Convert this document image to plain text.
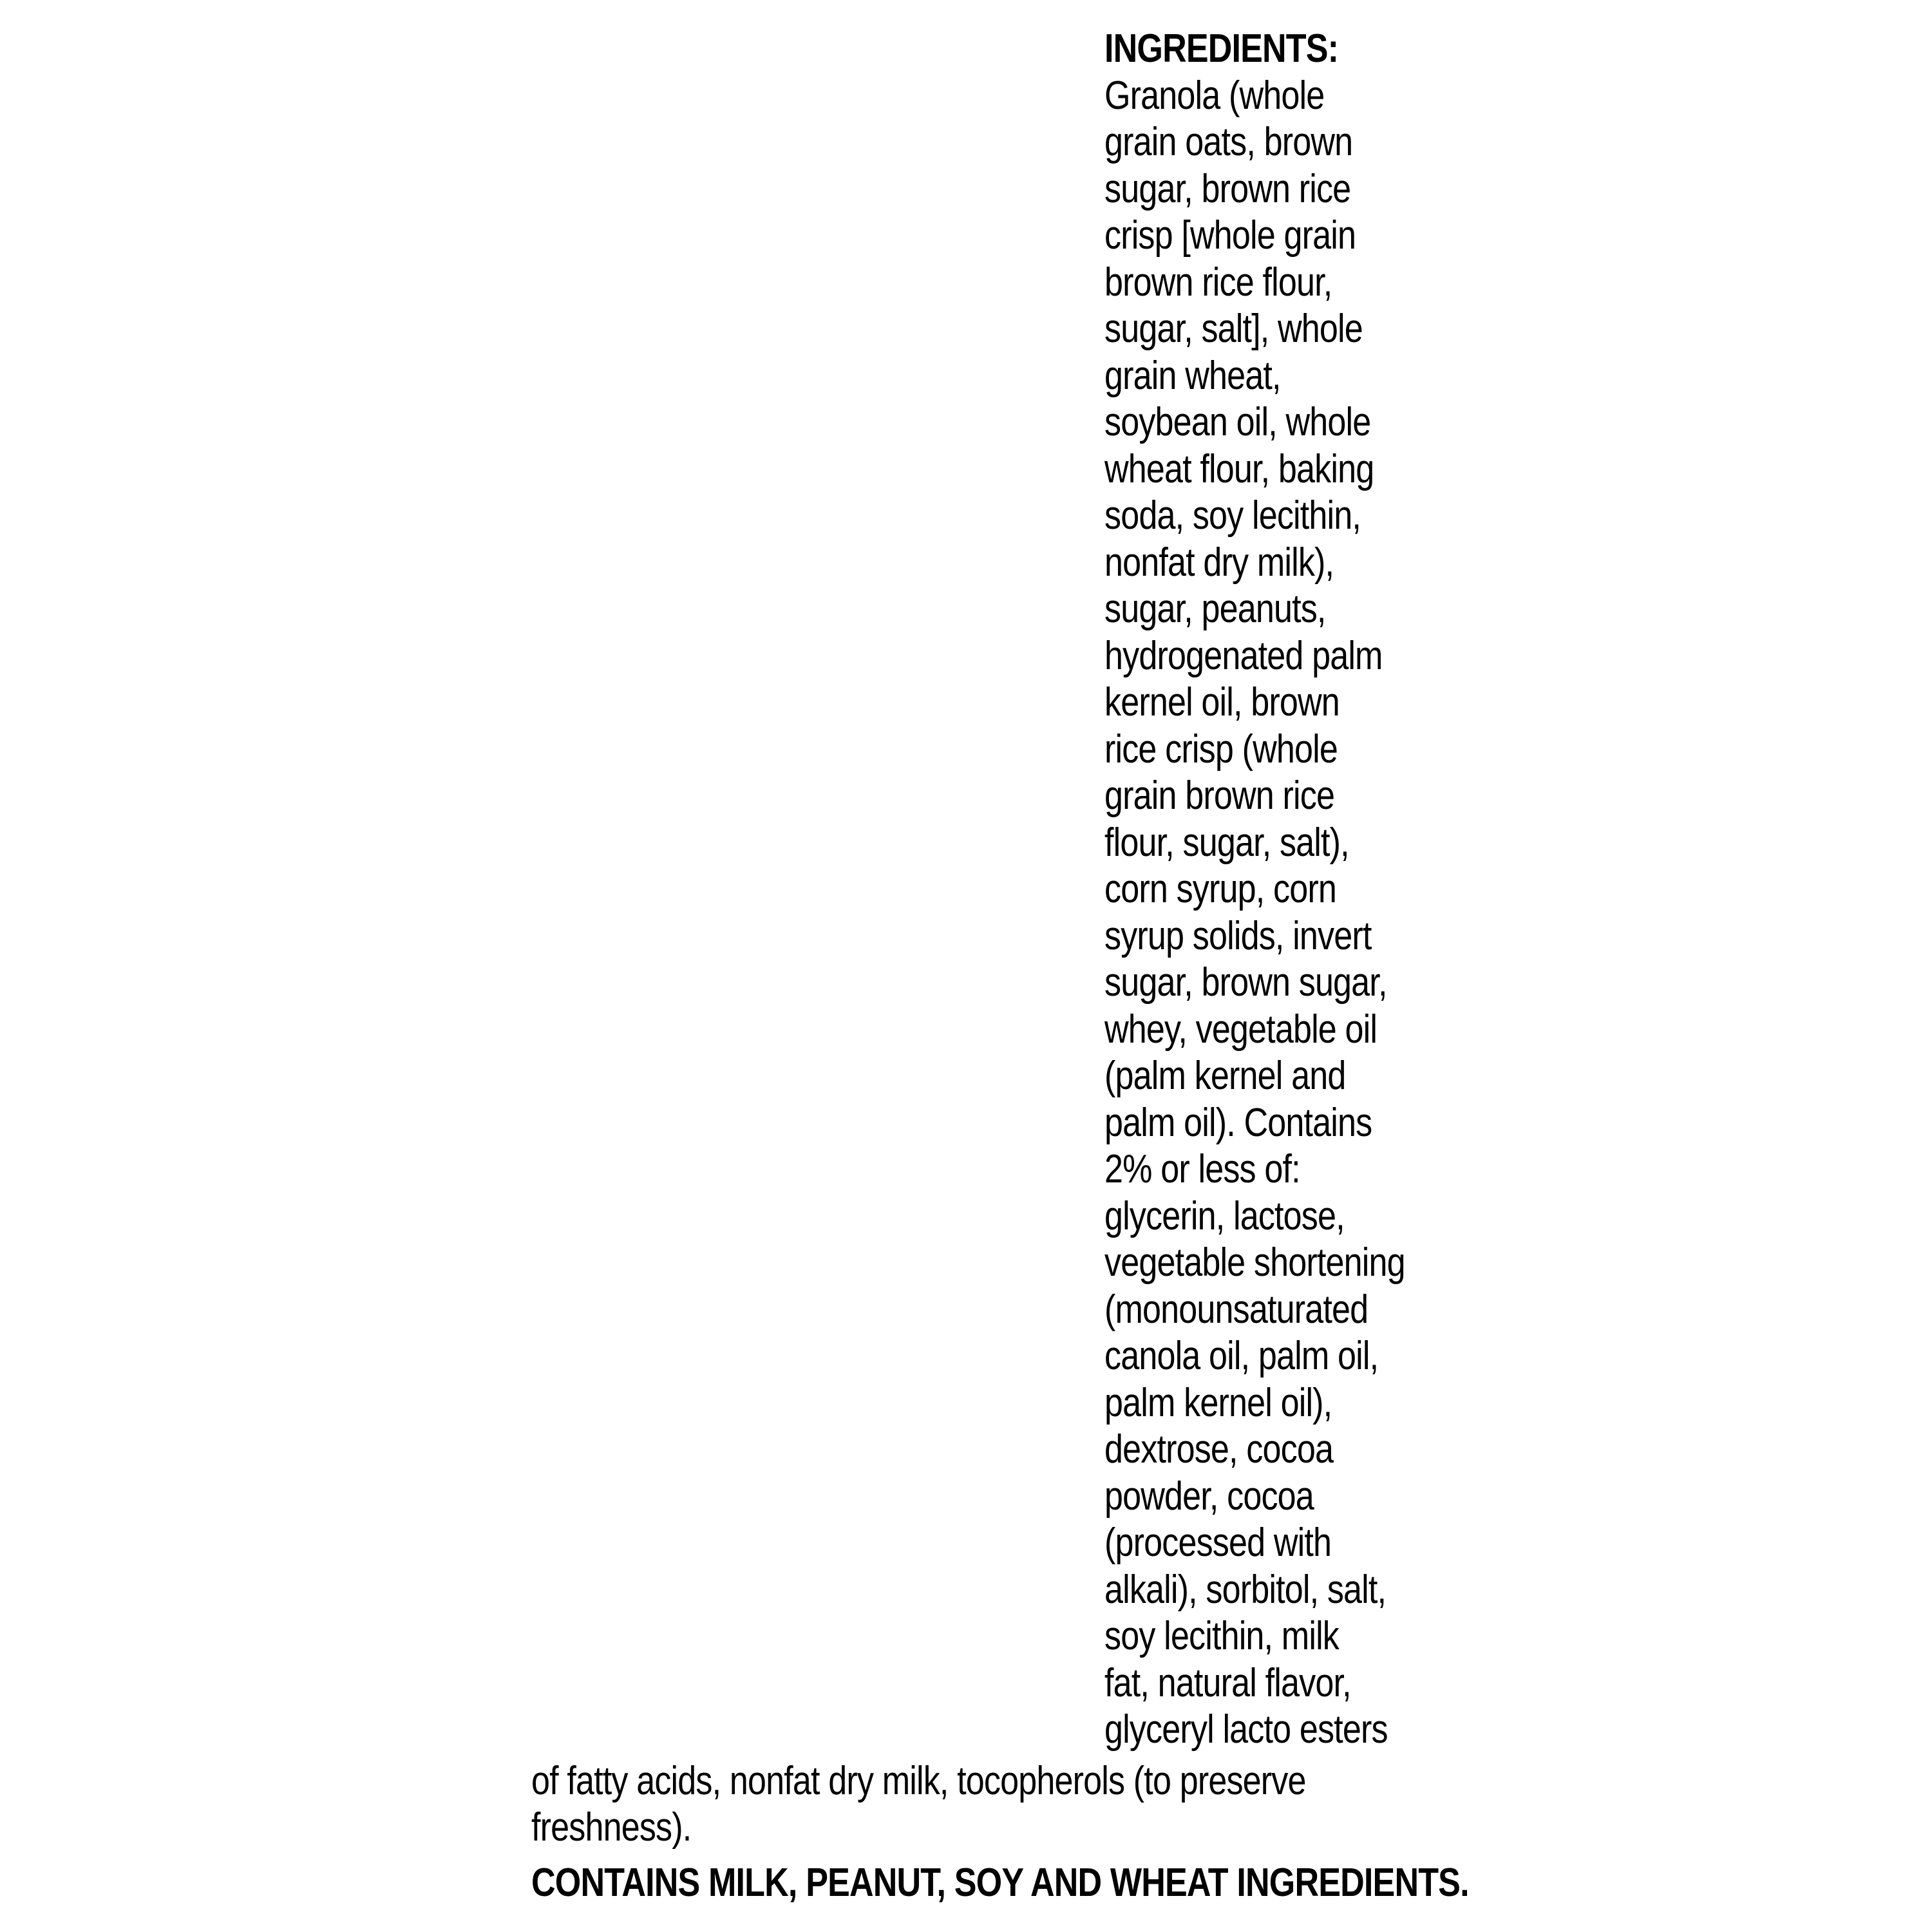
INGREDIENTS:
Granola (whole
grain oats, brown
sugar, brown rice
crisp [whole grain
brown rice flour,
sugar, salt], whole
grain wheat,
soybean oil, whole
wheat flour, baking
soda, soy lecithin,
nonfat dry milk),
sugar, peanuts,
hydrogenated palm
kernel oil, brown
rice crisp (whole
grain brown rice
flour, sugar, salt),
corn syrup, corn
syrup solids, invert
sugar, brown sugar,
whey, vegetable oil
(palm kernel and
palm oil). Contains
2% or less of:
glycerin, lactose,
vegetable shortening
(monounsaturated
canola oil, palm oil,
palm kernel oil),
dextrose, cocoa
powder, cocoa
(processed with
alkali), sorbitol, salt,
soy lecithin, milk
fat, natural flavor,
glyceryl lacto esters
of fatty acids, nonfat dry milk, tocopherols (to preserve
freshness).
CONTAINS MILK, PEANUT, SOY AND WHEAT INGREDIENTS.
